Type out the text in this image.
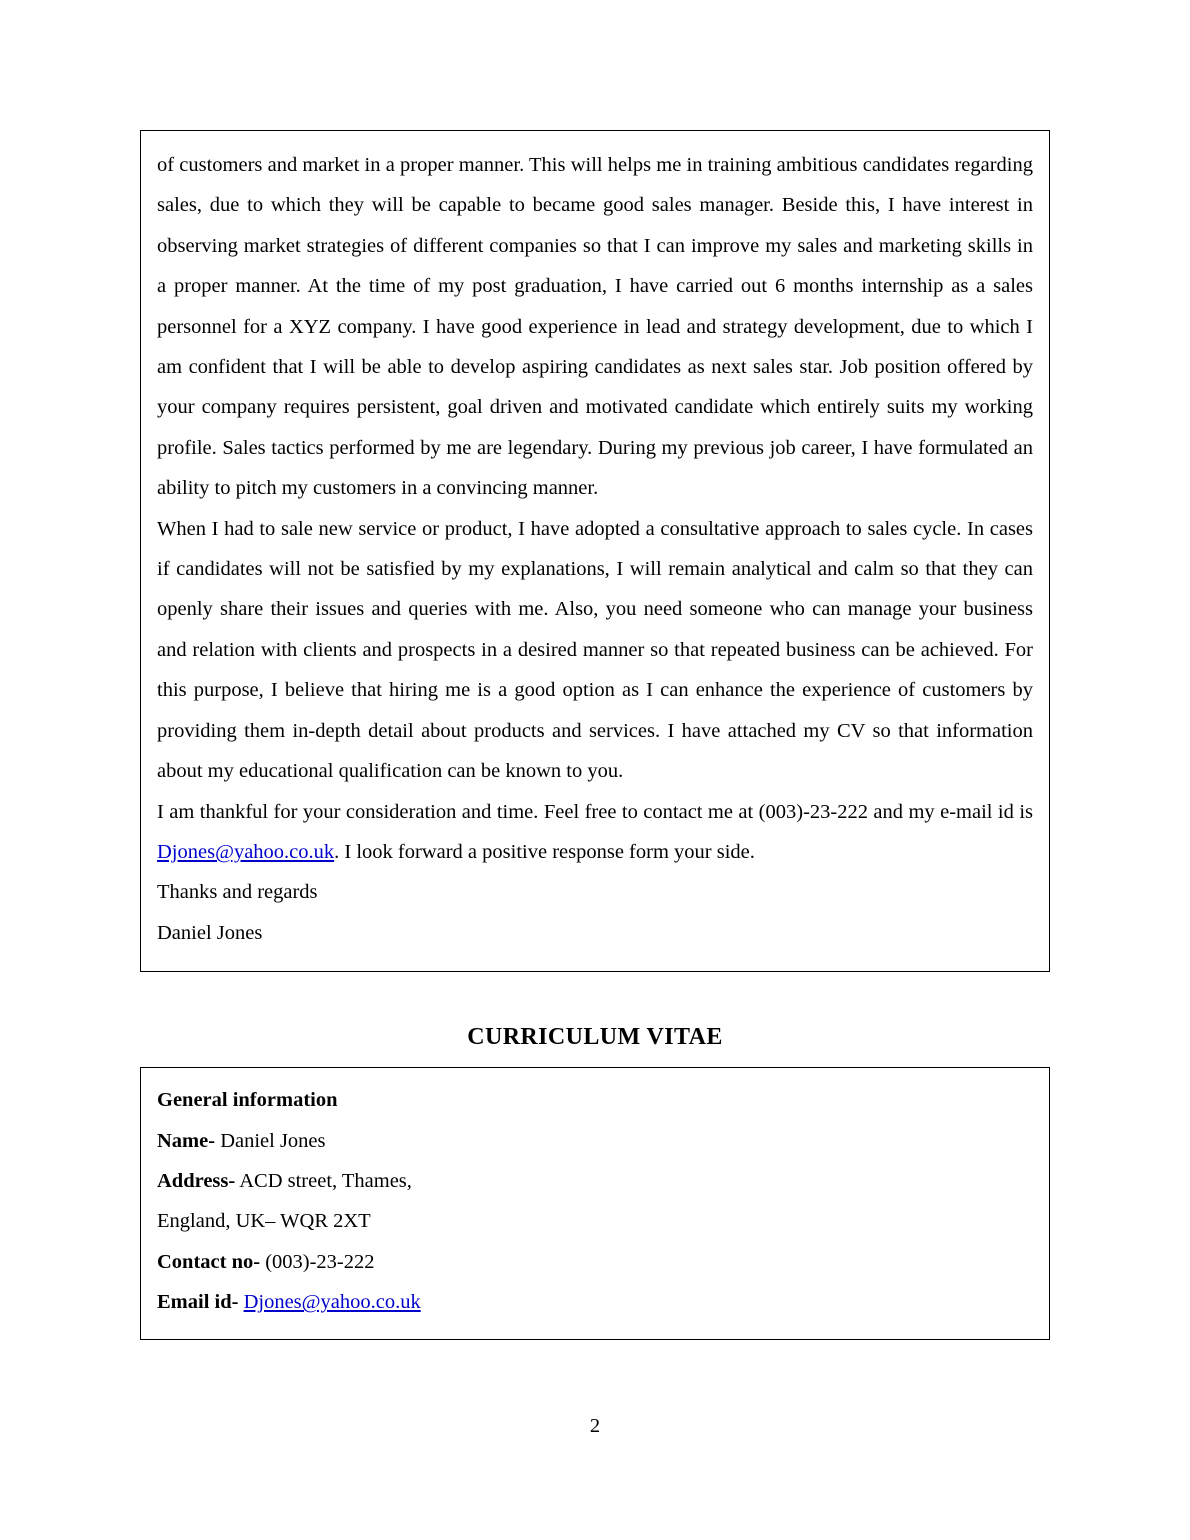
of customers and market in a proper manner. This will helps me in training ambitious candidates regarding sales, due to which they will be capable to became good sales manager. Beside this, I have interest in observing market strategies of different companies so that I can improve my sales and marketing skills in a proper manner. At the time of my post graduation, I have carried out 6 months internship as a sales personnel for a XYZ company. I have good experience in lead and strategy development, due to which I am confident that I will be able to develop aspiring candidates as next sales star. Job position offered by your company requires persistent, goal driven and motivated candidate which entirely suits my working profile. Sales tactics performed by me are legendary. During my previous job career, I have formulated an ability to pitch my customers in a convincing manner.

When I had to sale new service or product, I have adopted a consultative approach to sales cycle. In cases if candidates will not be satisfied by my explanations, I will remain analytical and calm so that they can openly share their issues and queries with me. Also, you need someone who can manage your business and relation with clients and prospects in a desired manner so that repeated business can be achieved. For this purpose, I believe that hiring me is a good option as I can enhance the experience of customers by providing them in-depth detail about products and services. I have attached my CV so that information about my educational qualification can be known to you.

I am thankful for your consideration and time. Feel free to contact me at (003)-23-222 and my e-mail id is Djones@yahoo.co.uk. I look forward a positive response form your side.

Thanks and regards

Daniel Jones

CURRICULUM VITAE

General information

Name- Daniel Jones

Address- ACD street, Thames,

England, UK– WQR 2XT

Contact no- (003)-23-222

Email id- Djones@yahoo.co.uk

2
